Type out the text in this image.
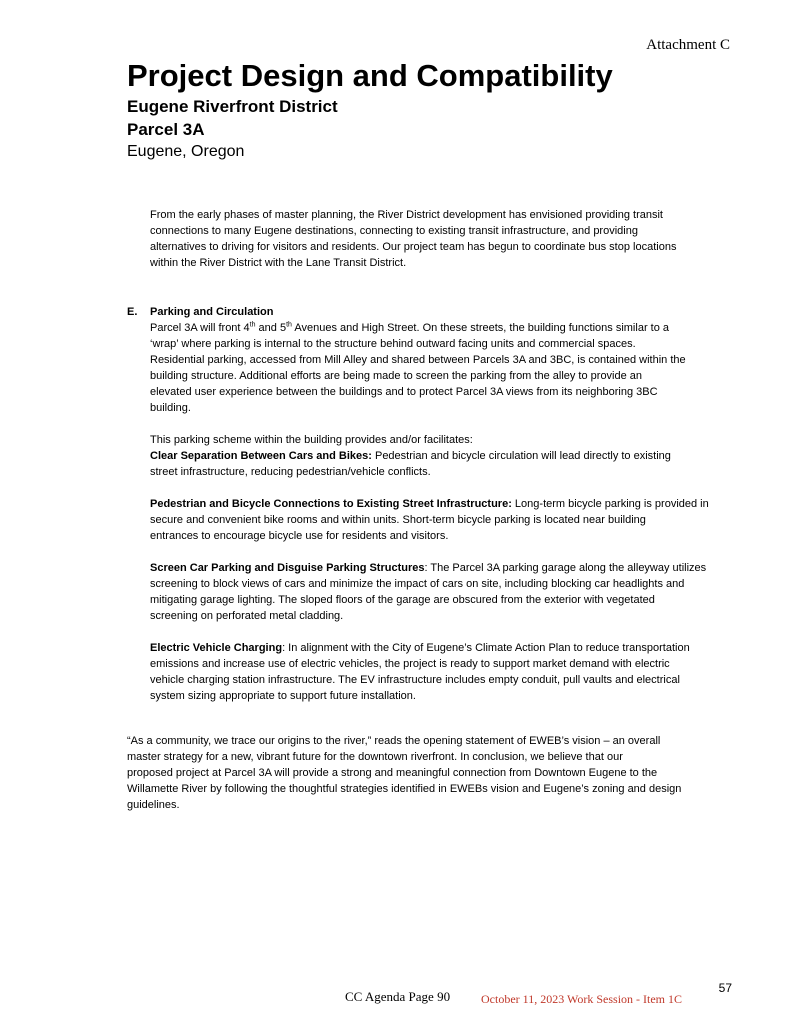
Attachment C
Project Design and Compatibility
Eugene Riverfront District
Parcel 3A
Eugene, Oregon

From the early phases of master planning, the River District development has envisioned providing transit

connections to many Eugene destinations, connecting to existing transit infrastructure, and providing

alternatives to driving for visitors and residents. Our project team has begun to coordinate bus stop locations

within the River District with the Lane Transit District.

E. Parking and Circulation

Parcel 3A will front 4th and 5th Avenues and High Street. On these streets, the building functions similar to a

‘wrap’ where parking is internal to the structure behind outward facing units and commercial spaces.

Residential parking, accessed from Mill Alley and shared between Parcels 3A and 3BC, is contained within the

building structure. Additional efforts are being made to screen the parking from the alley to provide an

elevated user experience between the buildings and to protect Parcel 3A views from its neighboring 3BC

building.

This parking scheme within the building provides and/or facilitates:

Clear Separation Between Cars and Bikes: Pedestrian and bicycle circulation will lead directly to existing

street infrastructure, reducing pedestrian/vehicle conflicts.

Pedestrian and Bicycle Connections to Existing Street Infrastructure: Long-term bicycle parking is provided in

secure and convenient bike rooms and within units. Short-term bicycle parking is located near building

entrances to encourage bicycle use for residents and visitors.

Screen Car Parking and Disguise Parking Structures: The Parcel 3A parking garage along the alleyway utilizes

screening to block views of cars and minimize the impact of cars on site, including blocking car headlights and

mitigating garage lighting. The sloped floors of the garage are obscured from the exterior with vegetated

screening on perforated metal cladding.

Electric Vehicle Charging: In alignment with the City of Eugene’s Climate Action Plan to reduce transportation

emissions and increase use of electric vehicles, the project is ready to support market demand with electric

vehicle charging station infrastructure. The EV infrastructure includes empty conduit, pull vaults and electrical

system sizing appropriate to support future installation.

“As a community, we trace our origins to the river,” reads the opening statement of EWEB’s vision – an overall

master strategy for a new, vibrant future for the downtown riverfront. In conclusion, we believe that our

proposed project at Parcel 3A will provide a strong and meaningful connection from Downtown Eugene to the

Willamette River by following the thoughtful strategies identified in EWEBs vision and Eugene’s zoning and design

guidelines.

57
CC Agenda Page 90	October 11, 2023 Work Session - Item 1C
